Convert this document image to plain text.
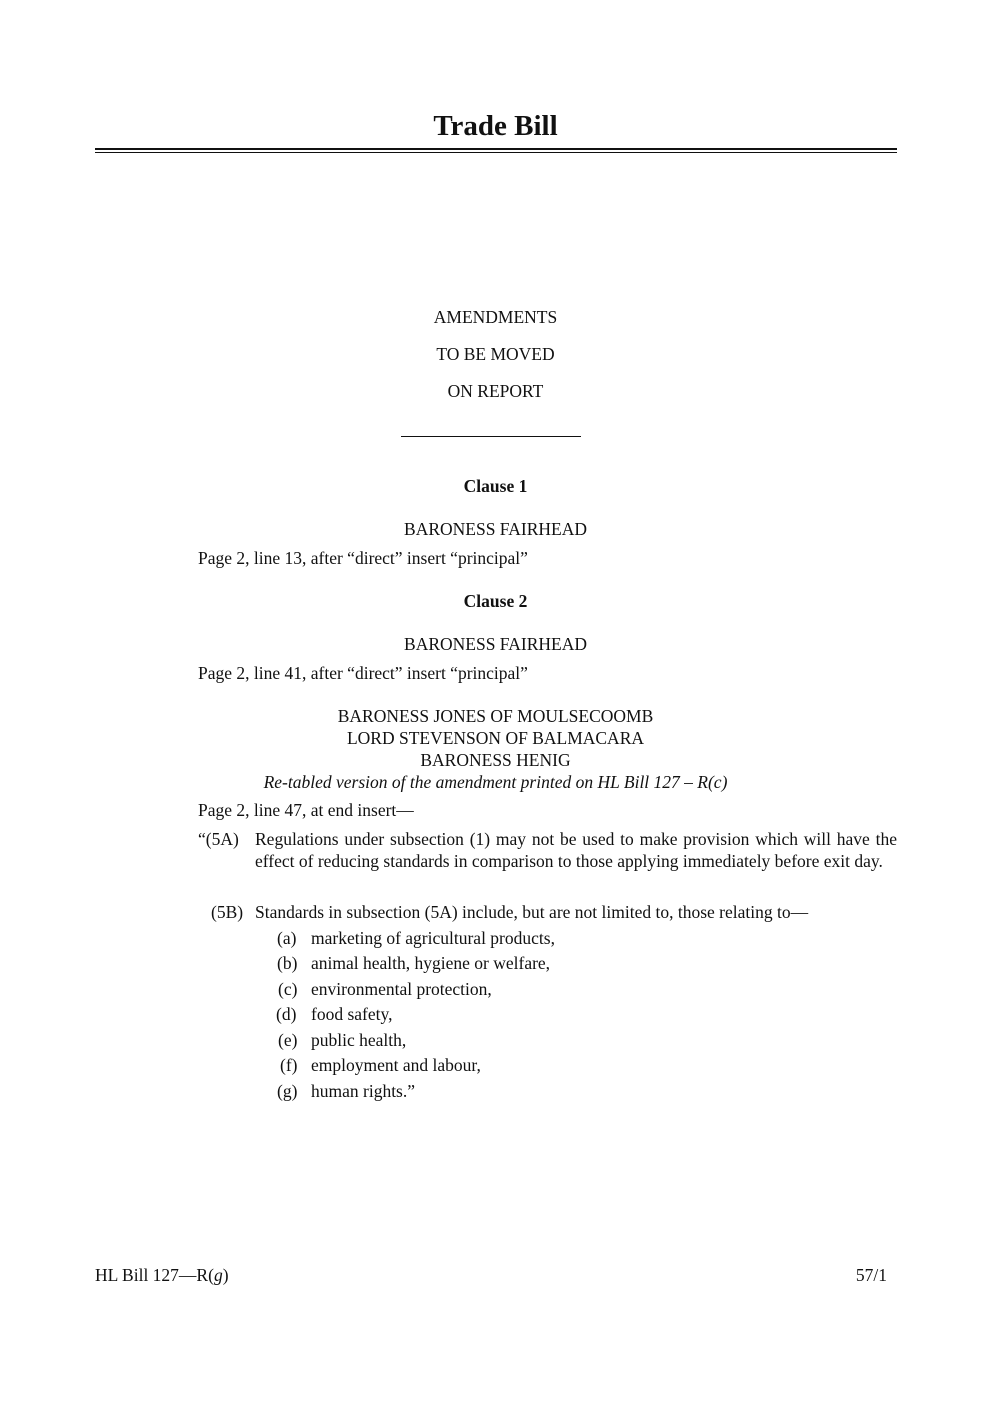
Trade Bill
AMENDMENTS
TO BE MOVED
ON REPORT
Clause 1
BARONESS FAIRHEAD
Page 2, line 13, after “direct” insert “principal”
Clause 2
BARONESS FAIRHEAD
Page 2, line 41, after “direct” insert “principal”
BARONESS JONES OF MOULSECOOMB
LORD STEVENSON OF BALMACARA
BARONESS HENIG
Re-tabled version of the amendment printed on HL Bill 127 – R(c)
Page 2, line 47, at end insert—
“(5A) Regulations under subsection (1) may not be used to make provision which will have the effect of reducing standards in comparison to those applying immediately before exit day.
(5B) Standards in subsection (5A) include, but are not limited to, those relating to—
(a) marketing of agricultural products,
(b) animal health, hygiene or welfare,
(c) environmental protection,
(d) food safety,
(e) public health,
(f) employment and labour,
(g) human rights.”
HL Bill 127—R(g)	57/1
